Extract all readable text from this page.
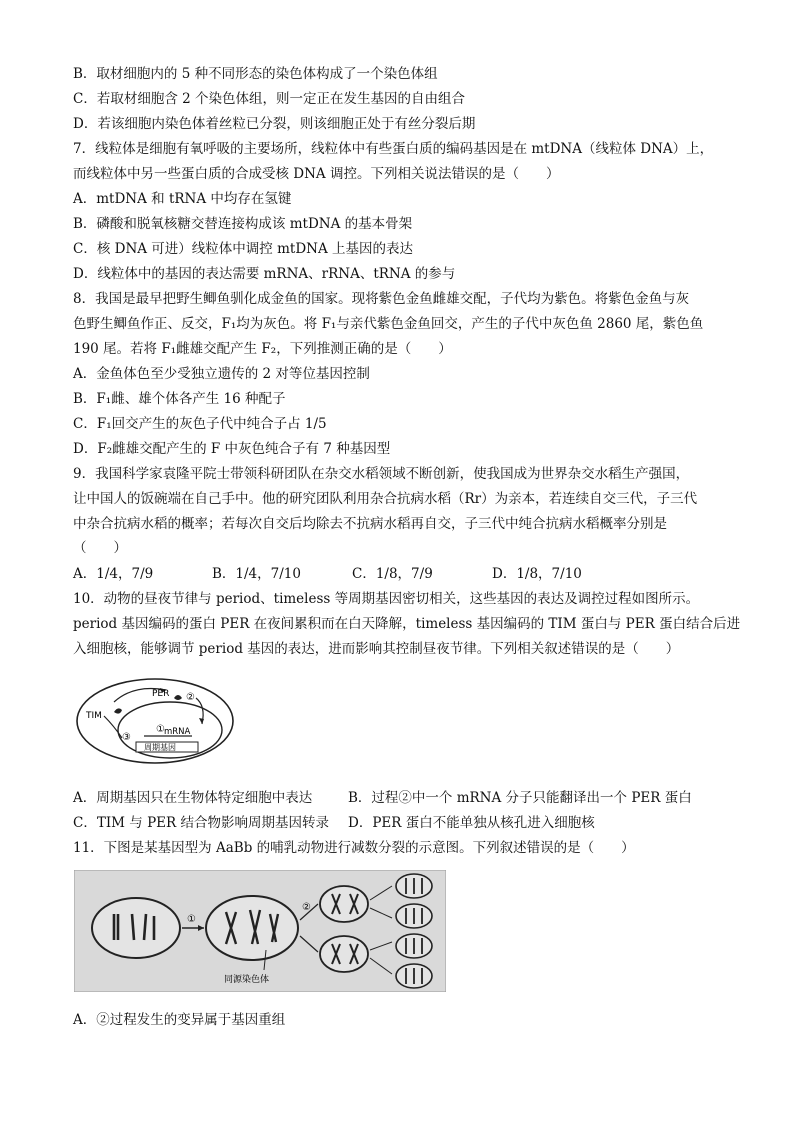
B．取材细胞内的 5 种不同形态的染色体构成了一个染色体组
C．若取材细胞含 2 个染色体组，则一定正在发生基因的自由组合
D．若该细胞内染色体着丝粒已分裂，则该细胞正处于有丝分裂后期
7．线粒体是细胞有氧呼吸的主要场所，线粒体中有些蛋白质的编码基因是在 mtDNA（线粒体 DNA）上，
而线粒体中另一些蛋白质的合成受核 DNA 调控。下列相关说法错误的是（　　）
A．mtDNA 和 tRNA 中均存在氢键
B．磷酸和脱氧核糖交替连接构成该 mtDNA 的基本骨架
C．核 DNA 可进）线粒体中调控 mtDNA 上基因的表达
D．线粒体中的基因的表达需要 mRNA、rRNA、tRNA 的参与
8．我国是最早把野生鲫鱼驯化成金鱼的国家。现将紫色金鱼雌雄交配，子代均为紫色。将紫色金鱼与灰
色野生鲫鱼作正、反交，F₁均为灰色。将 F₁与亲代紫色金鱼回交，产生的子代中灰色鱼 2860 尾，紫色鱼
190 尾。若将 F₁雌雄交配产生 F₂，下列推测正确的是（　　）
A．金鱼体色至少受独立遗传的 2 对等位基因控制
B．F₁雌、雄个体各产生 16 种配子
C．F₁回交产生的灰色子代中纯合子占 1/5
D．F₂雌雄交配产生的 F 中灰色纯合子有 7 种基因型
9．我国科学家袁隆平院士带领科研团队在杂交水稻领域不断创新，使我国成为世界杂交水稻生产强国，
让中国人的饭碗端在自己手中。他的研究团队利用杂合抗病水稻（Rr）为亲本，若连续自交三代，子三代
中杂合抗病水稻的概率；若每次自交后均除去不抗病水稻再自交，子三代中纯合抗病水稻概率分别是
（　　）
A．1/4，7/9	B．1/4，7/10	C．1/8，7/9	D．1/8，7/10
10．动物的昼夜节律与 period、timeless 等周期基因密切相关，这些基因的表达及调控过程如图所示。
period 基因编码的蛋白 PER 在夜间累积而在白天降解，timeless 基因编码的 TIM 蛋白与 PER 蛋白结合后进
入细胞核，能够调节 period 基因的表达，进而影响其控制昼夜节律。下列相关叙述错误的是（　　）
PER ②
TIM
①
③	mRNA
周期基因
A．周期基因只在生物体特定细胞中表达	B．过程②中一个 mRNA 分子只能翻译出一个 PER 蛋白
C．TIM 与 PER 结合物影响周期基因转录 D．PER 蛋白不能单独从核孔进入细胞核
11．下图是某基因型为 AaBb 的哺乳动物进行减数分裂的示意图。下列叙述错误的是（　　）
①
同源染色体
②
A．②过程发生的变异属于基因重组
